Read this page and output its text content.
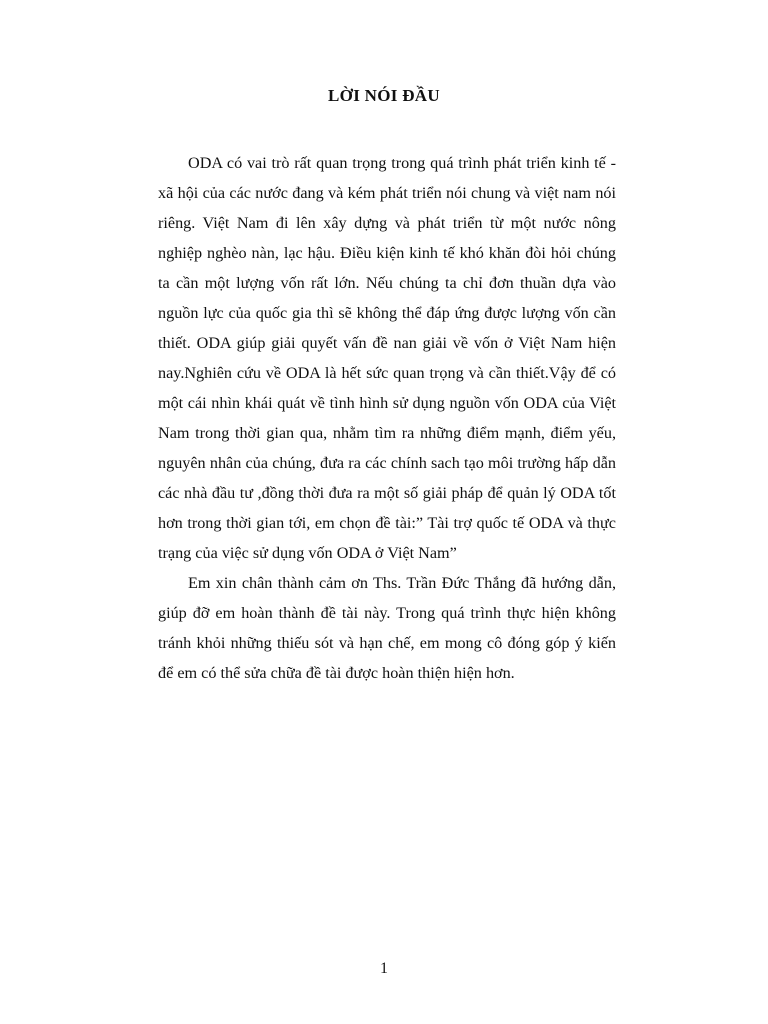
LỜI NÓI ĐẦU

ODA có vai trò rất quan trọng trong quá trình phát triển kinh tế - xã hội của các nước đang và kém phát triển nói chung và việt nam nói riêng. Việt Nam đi lên xây dựng và phát triển từ một nước nông nghiệp nghèo nàn, lạc hậu. Điều kiện kinh tế khó khăn đòi hỏi chúng ta cần một lượng vốn rất lớn. Nếu chúng ta chỉ đơn thuần dựa vào nguồn lực của quốc gia thì sẽ không thể đáp ứng được lượng vốn cần thiết. ODA giúp giải quyết vấn đề nan giải về vốn ở Việt Nam hiện nay.Nghiên cứu về ODA là hết sức quan trọng và cần thiết.Vậy để có một cái nhìn khái quát về tình hình sử dụng nguồn vốn ODA của Việt Nam trong thời gian qua, nhằm tìm ra những điểm mạnh, điểm yếu, nguyên nhân của chúng, đưa ra các chính sach tạo môi trường hấp dẫn các nhà đầu tư ,đồng thời đưa ra một số giải pháp để quản lý ODA tốt hơn trong thời gian tới, em chọn đề tài:” Tài trợ quốc tế ODA và thực trạng của việc sử dụng vốn ODA ở Việt Nam”

Em xin chân thành cảm ơn Ths. Trần Đức Thắng đã hướng dẫn, giúp đỡ em hoàn thành đề tài này. Trong quá trình thực hiện không tránh khỏi những thiếu sót và hạn chế, em mong cô đóng góp ý kiến để em có thể sửa chữa đề tài được hoàn thiện hiện hơn.

1
